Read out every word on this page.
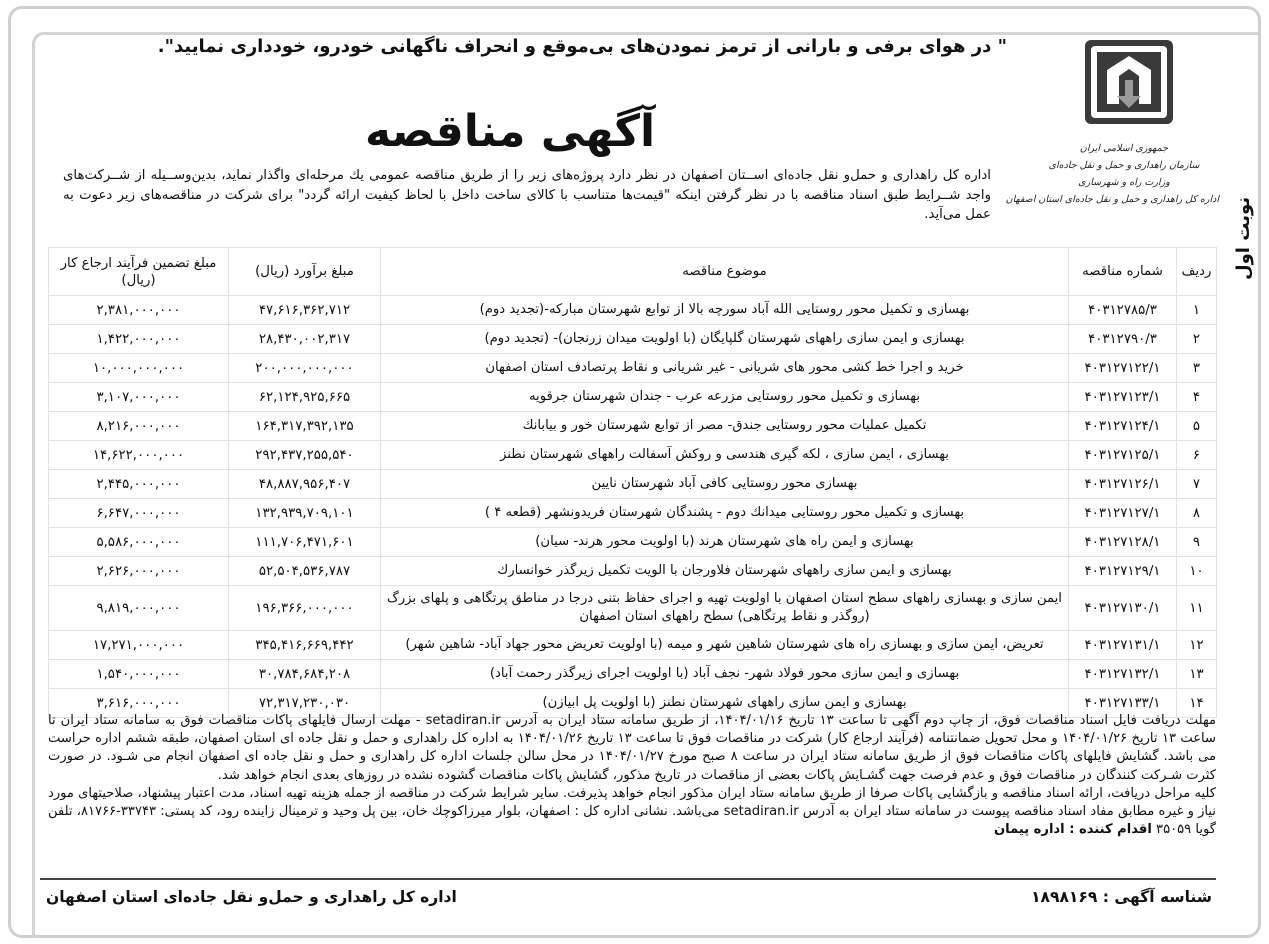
" در هوای برفی و بارانی از ترمز نمودن‌های بی‌موقع و انحراف ناگهانی خودرو، خودداری نمایید".
نوبت اول
جمهوری اسلامی ایران
سازمان راهداری و حمل و نقل جاده‌ای
وزارت راه و شهرسازی
اداره کل راهداری و حمل و نقل جاده‌ای استان اصفهان
آگهی مناقصه
اداره کل راهداری و حمل‌و نقل جاده‌ای اســتان اصفهان در نظر دارد پروژه‌های زیر را از طریق مناقصه عمومی یك مرحله‌ای واگذار نماید، بدین‌وســیله از شــرکت‌های واجد شــرایط طبق اسناد مناقصه با در نظر گرفتن اینکه "قیمت‌ها متناسب با کالای ساخت داخل با لحاظ کیفیت ارائه گردد" برای شرکت در مناقصه‌های زیر دعوت به عمل می‌آید.
ردیف	شماره مناقصه	موضوع مناقصه	مبلغ برآورد (ریال)	مبلغ تضمین فرآیند ارجاع کار (ریال)
۱	۴۰۳۱۲۷۸۵/۳	بهسازی و تکمیل محور روستایی الله آباد سورچه بالا از توابع شهرستان مبارکه-(تجدید دوم)	۴۷,۶۱۶,۳۶۲,۷۱۲	۲,۳۸۱,۰۰۰,۰۰۰
۲	۴۰۳۱۲۷۹۰/۳	بهسازی و ایمن سازی راههای شهرستان گلپایگان (با اولویت میدان زرنجان)- (تجدید دوم)	۲۸,۴۳۰,۰۰۲,۳۱۷	۱,۴۲۲,۰۰۰,۰۰۰
۳	۴۰۳۱۲۷۱۲۲/۱	خرید و اجرا خط کشی محور های شریانی - غیر شریانی و نقاط پرتصادف استان اصفهان	۲۰۰,۰۰۰,۰۰۰,۰۰۰	۱۰,۰۰۰,۰۰۰,۰۰۰
۴	۴۰۳۱۲۷۱۲۳/۱	بهسازی و تکمیل محور روستایی مزرعه عرب - جندان شهرستان جرقویه	۶۲,۱۲۴,۹۲۵,۶۶۵	۳,۱۰۷,۰۰۰,۰۰۰
۵	۴۰۳۱۲۷۱۲۴/۱	تکمیل عملیات محور روستایی جندق- مصر از توابع شهرستان خور و بیابانك	۱۶۴,۳۱۷,۳۹۲,۱۳۵	۸,۲۱۶,۰۰۰,۰۰۰
۶	۴۰۳۱۲۷۱۲۵/۱	بهسازی ، ایمن سازی ، لکه گیری هندسی و روکش آسفالت راههای شهرستان نطنز	۲۹۲,۴۳۷,۲۵۵,۵۴۰	۱۴,۶۲۲,۰۰۰,۰۰۰
۷	۴۰۳۱۲۷۱۲۶/۱	بهسازی محور روستایی کافی آباد شهرستان نایین	۴۸,۸۸۷,۹۵۶,۴۰۷	۲,۴۴۵,۰۰۰,۰۰۰
۸	۴۰۳۱۲۷۱۲۷/۱	بهسازی و تکمیل محور روستایی میدانك دوم - پشندگان شهرستان فریدونشهر (قطعه ۴ )	۱۳۲,۹۳۹,۷۰۹,۱۰۱	۶,۶۴۷,۰۰۰,۰۰۰
۹	۴۰۳۱۲۷۱۲۸/۱	بهسازی و ایمن راه های شهرستان هرند (با اولویت محور هرند- سیان)	۱۱۱,۷۰۶,۴۷۱,۶۰۱	۵,۵۸۶,۰۰۰,۰۰۰
۱۰	۴۰۳۱۲۷۱۲۹/۱	بهسازی و ایمن سازی راههای شهرستان فلاورجان با الویت تکمیل زیرگذر خوانسارك	۵۲,۵۰۴,۵۳۶,۷۸۷	۲,۶۲۶,۰۰۰,۰۰۰
۱۱	۴۰۳۱۲۷۱۳۰/۱	ایمن سازی و بهسازی راههای سطح استان اصفهان با اولویت تهیه و اجرای حفاظ بتنی درجا در مناطق پرتگاهی و پلهای بزرگ (روگذر و نقاط پرتگاهی) سطح راههای استان اصفهان	۱۹۶,۳۶۶,۰۰۰,۰۰۰	۹,۸۱۹,۰۰۰,۰۰۰
۱۲	۴۰۳۱۲۷۱۳۱/۱	تعریض، ایمن سازی و بهسازی راه های شهرستان شاهین شهر و میمه (با اولویت تعریض محور جهاد آباد- شاهین شهر)	۳۴۵,۴۱۶,۶۶۹,۴۴۲	۱۷,۲۷۱,۰۰۰,۰۰۰
۱۳	۴۰۳۱۲۷۱۳۲/۱	بهسازی و ایمن سازی محور فولاد شهر- نجف آباد (با اولویت اجرای زیرگذر رحمت آباد)	۳۰,۷۸۴,۶۸۴,۲۰۸	۱,۵۴۰,۰۰۰,۰۰۰
۱۴	۴۰۳۱۲۷۱۳۳/۱	بهسازی و ایمن سازی راههای شهرستان نطنز (با اولویت پل ابیازن)	۷۲,۳۱۷,۲۳۰,۰۳۰	۳,۶۱۶,۰۰۰,۰۰۰

مهلت دریافت فایل اسناد مناقصات فوق، از چاپ دوم آگهی تا ساعت ۱۳ تاریخ ۱۴۰۴/۰۱/۱۶، از طریق سامانه ستاد ایران به آدرس setadiran.ir - مهلت ارسال فایلهای پاکات مناقصات فوق به سامانه ستاد ایران تا ساعت ۱۳ تاریخ ۱۴۰۴/۰۱/۲۶ و محل تحویل ضمانتنامه (فرآیند ارجاع کار) شرکت در مناقصات فوق تا ساعت ۱۳ تاریخ ۱۴۰۴/۰۱/۲۶ به اداره کل راهداری و حمل و نقل جاده ای استان اصفهان، طبقه ششم اداره حراست می باشد. گشایش فایلهای پاکات مناقصات فوق از طریق سامانه ستاد ایران در ساعت ۸ صبح مورخ ۱۴۰۴/۰۱/۲۷ در محل سالن جلسات اداره کل راهداری و حمل و نقل جاده ای اصفهان انجام می شـود. در صورت کثرت شـرکت کنندگان در مناقصات فوق و عدم فرصت جهت گشـایش پاکات بعضی از مناقصات در تاریخ مذکور، گشایش پاکات مناقصات گشوده نشده در روزهای بعدی انجام خواهد شد.

کلیه مراحل دریافت، ارائه اسناد مناقصه و بازگشایی پاکات صرفا از طریق سامانه ستاد ایران مذکور انجام خواهد پذیرفت. سایر شرایط شرکت در مناقصه از جمله هزینه تهیه اسناد، مدت اعتبار پیشنهاد، صلاحیتهای مورد نیاز و غیره مطابق مفاد اسناد مناقصه پیوست در سامانه ستاد ایران به آدرس setadiran.ir می‌باشد. نشانی اداره کل : اصفهان، بلوار میرزاکوچك خان، بین پل وحید و ترمینال زاینده رود، کد پستی: ۳۳۷۴۳-۸۱۷۶۶، تلفن گویا ۳۵۰۵۹ اقدام کننده : اداره پیمان

شناسه آگهی : ۱۸۹۸۱۶۹
اداره کل راهداری و حمل‌و نقل جاده‌ای استان اصفهان
